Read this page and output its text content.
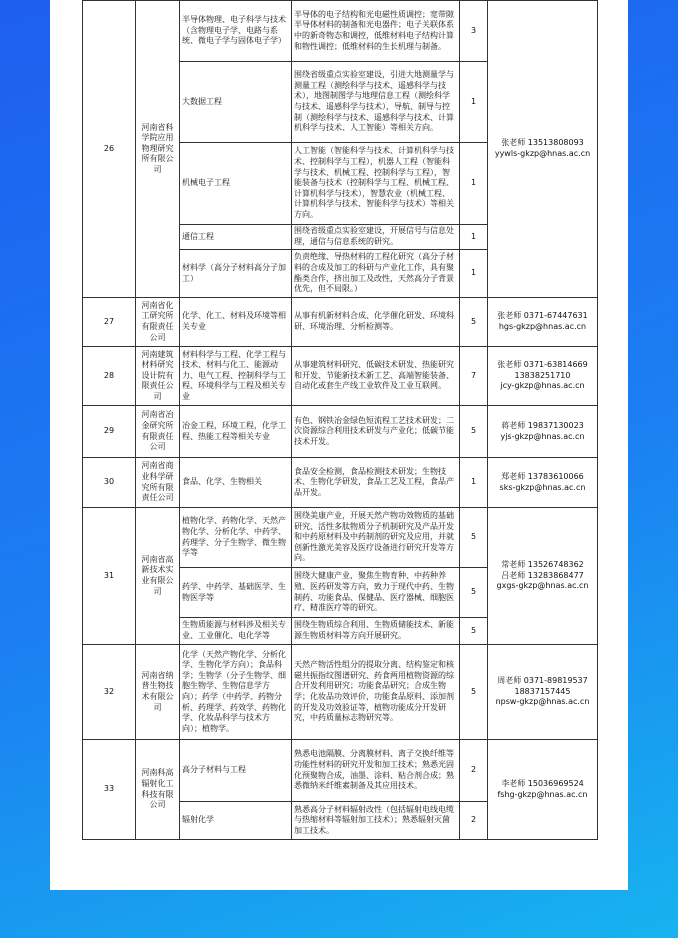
26	河南省科学院应用物理研究所有限公司	半导体物理、电子科学与技术（含物理电子学、电路与系统、微电子学与固体电子学）	半导体的电子结构和光电磁性质调控；宽带隙半导体材料的制备和光电器件；电子关联体系中的新奇物态和调控，低维材料电子结构计算和物性调控；低维材料的生长机理与制备。	3	张老师 13513808093
yywls-gkzp@hnas.ac.cn

		大数据工程	围绕省级重点实验室建设，引进大地测量学与测量工程（测绘科学与技术、遥感科学与技术），地图制图学与地理信息工程（测绘科学与技术、遥感科学与技术），导航、制导与控制（测绘科学与技术、遥感科学与技术、计算机科学与技术、人工智能）等相关方向。	1	
		机械电子工程	人工智能（智能科学与技术、计算机科学与技术、控制科学与工程），机器人工程（智能科学与技术、机械工程、控制科学与工程），智能装备与技术（控制科学与工程、机械工程、计算机科学与技术），智慧农业（机械工程、计算机科学与技术、智能科学与技术）等相关方向。	1	
		通信工程	围绕省级重点实验室建设，开展信号与信息处理，通信与信息系统的研究。	1	
		材料学（高分子材料高分子加工）	负责绝缘、导热材料的工程化研究（高分子材料的合成及加工的科研与产业化工作，具有聚酯类合作，挤出加工及改性，天然高分子背景优先，但不局限。）	1	
27	河南省化工研究所有限责任公司	化学、化工、材料及环境等相关专业	从事有机新材料合成、化学催化研发、环境科研、环境治理、分析检测等。	5	张老师 0371-67447631
hgs-gkzp@hnas.ac.cn

28	河南建筑材料研究设计院有限责任公司	材料科学与工程、化学工程与技术、材料与化工、能源动力、电气工程、控制科学与工程、环境科学与工程及相关专业	从事建筑材料研究、低碳技术研发、热能研究和开发、节能新技术新工艺、高端智能装备、自动化或套生产线工业软件及工业互联网。	7	张老师 0371-63814669
13838251710
jcy-gkzp@hnas.ac.cn

29	河南省冶金研究所有限责任公司	冶金工程，环境工程，化学工程、热能工程等相关专业	有色、钢铁冶金绿色短流程工艺技术研发；二次资源综合利用技术研发与产业化；低碳节能技术开发。	5	蒋老师 19837130023
yjs-gkzp@hnas.ac.cn

30	河南省商业科学研究所有限责任公司	食品、化学、生物相关	食品安全检测，食品检测技术研发；生物技术、生物化学研发，食品工艺及工程，食品产品开发。	1	郑老师 13783610066
sks-gkzp@hnas.ac.cn

31	河南省高新技术实业有限公司	植物化学、药物化学、天然产物化学、分析化学、中药学、药理学、分子生物学、微生物学等	围绕美康产业，开展天然产物功效物质的基础研究、活性多肽物质分子机制研究及产品开发和中药原材料及中药制剂的研究及应用，并就创新性激光美容及医疗设备进行研究开发等方向。	5	常老师 13526748362
吕老师 13283868477
gxgs-gkzp@hnas.ac.cn

		药学、中药学、基础医学、生物医学等	围绕大健康产业，聚焦生物育种、中药种养殖、医药研发等方向，致力于现代中药、生物制药、功能食品、保健品、医疗器械、细胞医疗、精准医疗等的研究。	5	
		生物质能源与材料涉及相关专业、工业催化、电化学等	围绕生物质综合利用、生物质储能技术、新能源生物质材料等方向开展研究。	5	
32	河南省纳普生物技术有限公司	化学（天然产物化学、分析化学、生物化学方向）；食品科学；生物学（分子生物学、细胞生物学、生物信息学方向）；药学（中药学、药物分析、药理学、药效学、药物化学、化妆品科学与技术方向）；植物学。	天然产物活性组分的提取分离、结构鉴定和核磁共振指纹图谱研究、药食两用植物资源的综合开发利用研究；功能食品研究；合成生物学；化妆品功效评价，功能食品原料、添加剂的开发及功效验证等，植物功能成分开发研究，中药质量标志物研究等。	5	周老师 0371-89819537
18837157445
npsw-gkzp@hnas.ac.cn

33	河南科高辐射化工科技有限公司	高分子材料与工程	熟悉电池隔膜、分离膜材料、离子交换纤维等功能性材料的研究开发和加工技术；熟悉光固化预聚物合成，油墨、涂料、粘合剂合成；熟悉微纳米纤维素制备及其应用技术。	2	李老师 15036969524
fshg-gkzp@hnas.ac.cn

		辐射化学	熟悉高分子材料辐射改性（包括辐射电线电缆与热缩材料等辐射加工技术）；熟悉辐射灭菌加工技术。	2	
